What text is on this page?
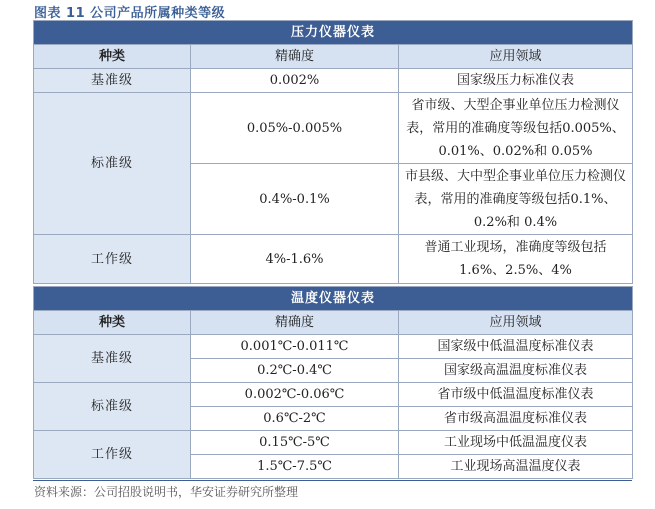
图表 11 公司产品所属种类等级
压力仪器仪表		
种类	精确度	应用领域
基准级	0.002%	国家级压力标准仪表
标准级	0.05%-0.005%	省市级、大型企事业单位压力检测仪表，常用的准确度等级包括0.005%、0.01%、0.02%和 0.05%
	0.4%-0.1%	市县级、大中型企事业单位压力检测仪表，常用的准确度等级包括0.1%、0.2%和 0.4%
工作级	4%-1.6%	普通工业现场，准确度等级包括1.6%、2.5%、4%
温度仪器仪表		
种类	精确度	应用领域
基准级	0.001℃-0.011℃	国家级中低温温度标准仪表
	0.2℃-0.4℃	国家级高温温度标准仪表
标准级	0.002℃-0.06℃	省市级中低温温度标准仪表
	0.6℃-2℃	省市级高温温度标准仪表
工作级	0.15℃-5℃	工业现场中低温温度仪表
	1.5℃-7.5℃	工业现场高温温度仪表
资料来源：公司招股说明书，华安证券研究所整理
